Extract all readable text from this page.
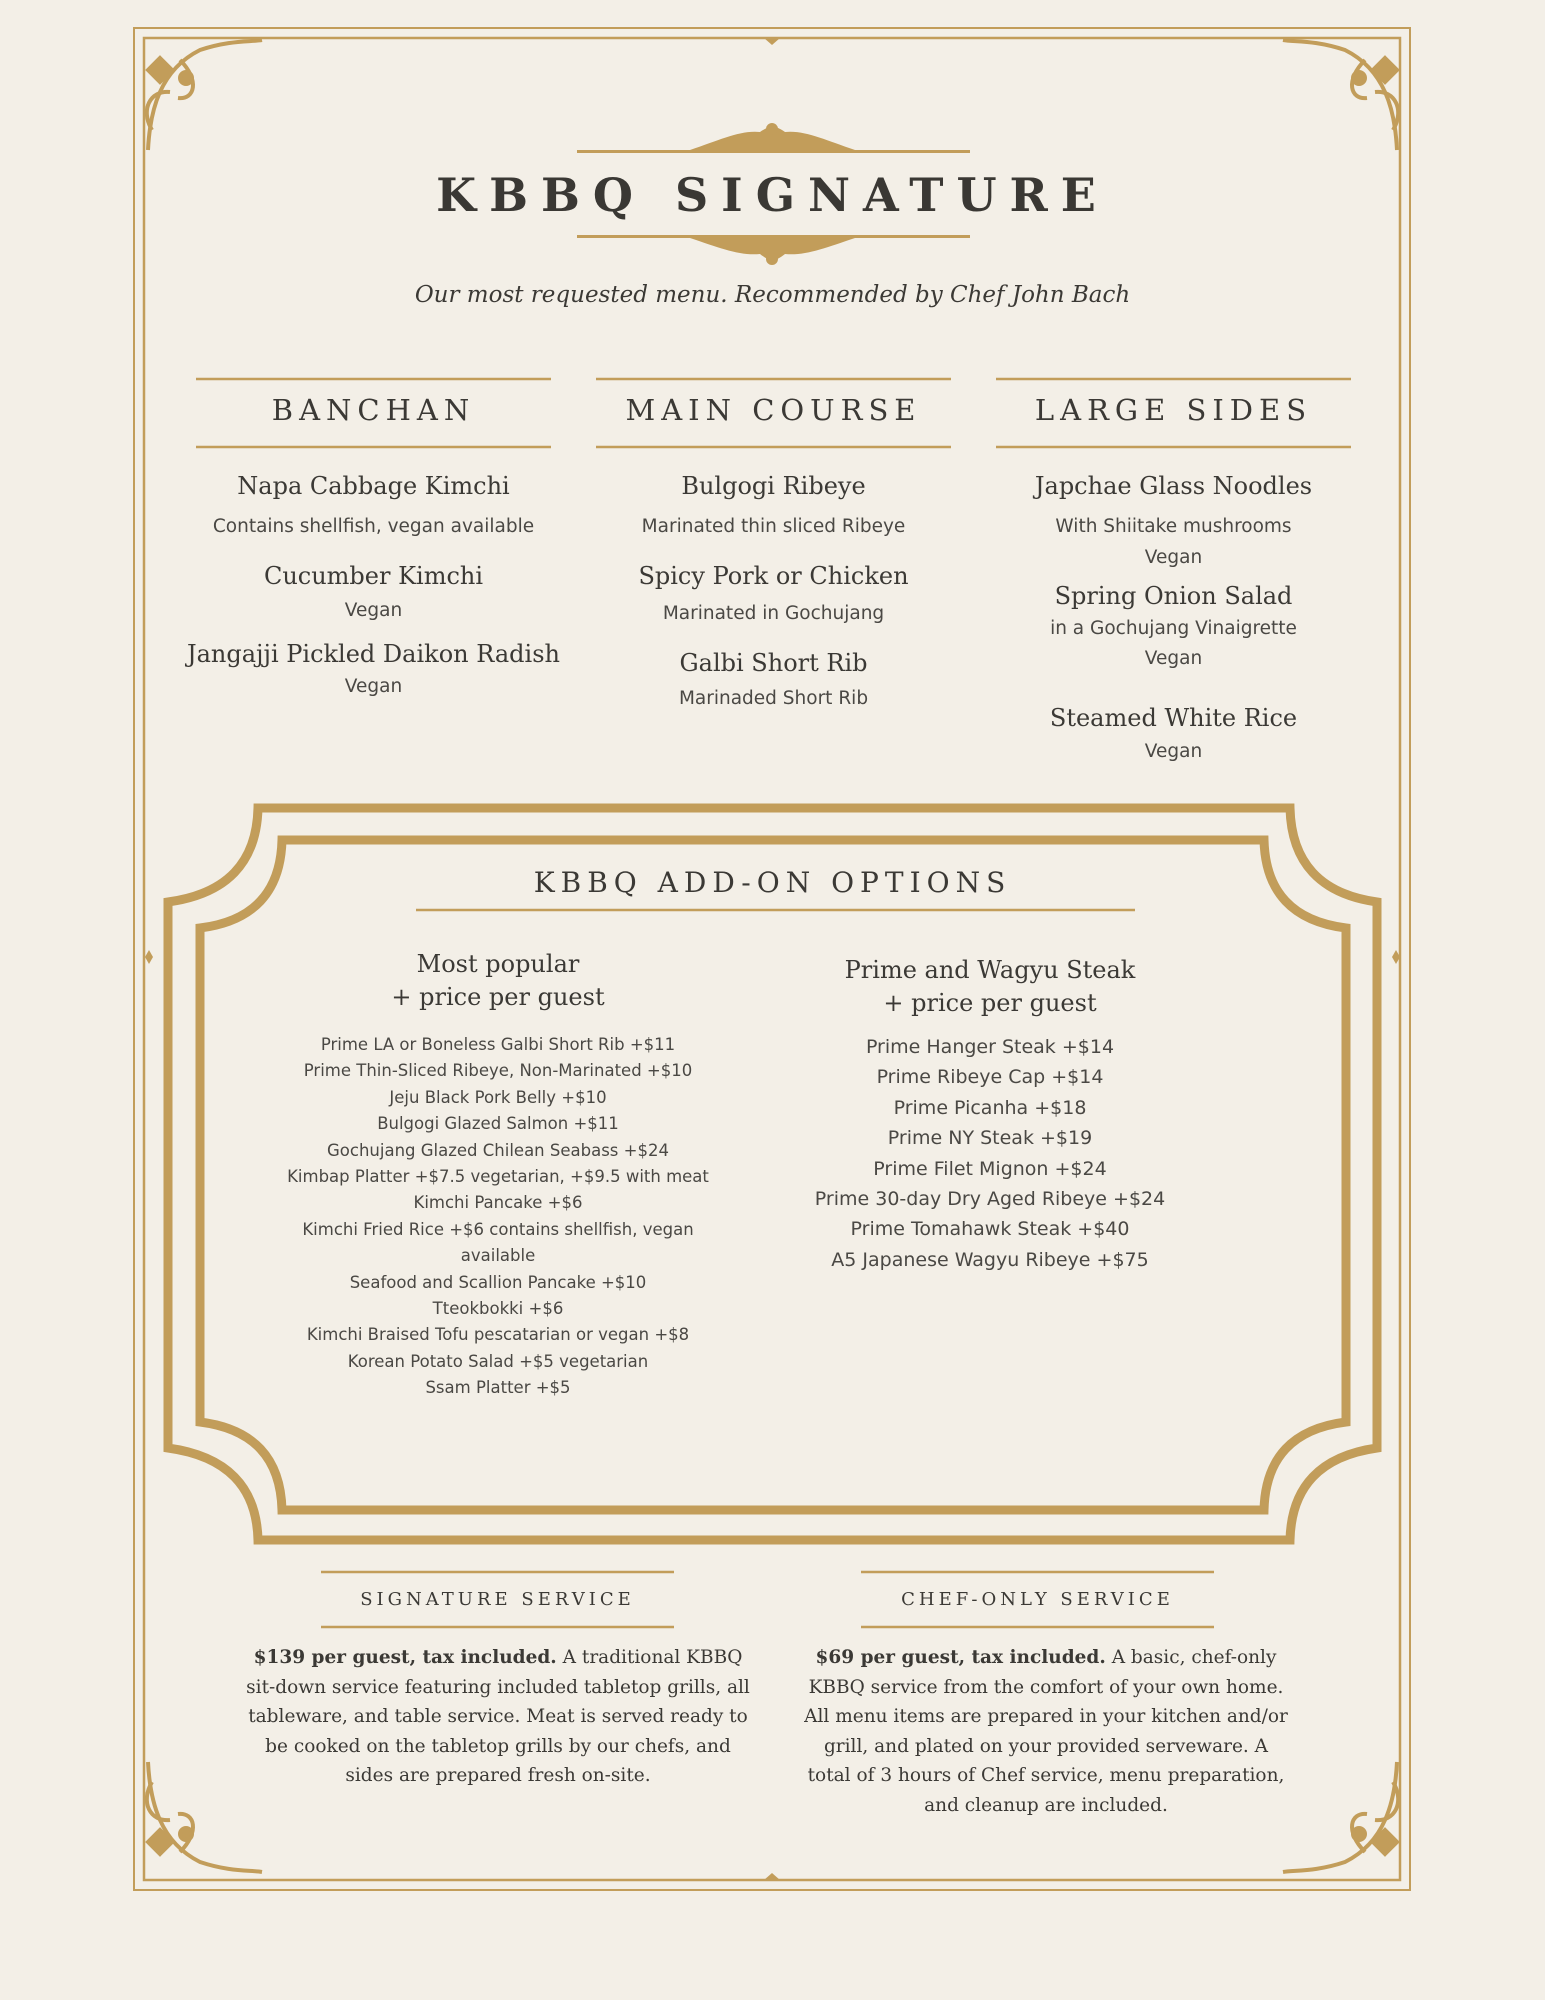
KBBQ SIGNATURE
Our most requested menu. Recommended by Chef John Bach
BANCHAN
Napa Cabbage Kimchi
Contains shellfish, vegan available
Cucumber Kimchi
Vegan
Jangajji Pickled Daikon Radish
Vegan
MAIN COURSE
Bulgogi Ribeye
Marinated thin sliced Ribeye
Spicy Pork or Chicken
Marinated in Gochujang
Galbi Short Rib
Marinaded Short Rib
LARGE SIDES
Japchae Glass Noodles
With Shiitake mushrooms
Vegan
Spring Onion Salad
in a Gochujang Vinaigrette
Vegan
Steamed White Rice
Vegan
KBBQ ADD-ON OPTIONS
Most popular
+ price per guest
Prime LA or Boneless Galbi Short Rib +$11
Prime Thin-Sliced Ribeye, Non-Marinated +$10
Jeju Black Pork Belly +$10
Bulgogi Glazed Salmon +$11
Gochujang Glazed Chilean Seabass +$24
Kimbap Platter +$7.5 vegetarian, +$9.5 with meat
Kimchi Pancake +$6
Kimchi Fried Rice +$6 contains shellfish, vegan
available
Seafood and Scallion Pancake +$10
Tteokbokki +$6
Kimchi Braised Tofu pescatarian or vegan +$8
Korean Potato Salad +$5 vegetarian
Ssam Platter +$5
Prime and Wagyu Steak
+ price per guest
Prime Hanger Steak +$14
Prime Ribeye Cap +$14
Prime Picanha +$18
Prime NY Steak +$19
Prime Filet Mignon +$24
Prime 30-day Dry Aged Ribeye +$24
Prime Tomahawk Steak +$40
A5 Japanese Wagyu Ribeye +$75
SIGNATURE SERVICE
$139 per guest, tax included. A traditional KBBQ sit-down service featuring included tabletop grills, all tableware, and table service. Meat is served ready to be cooked on the tabletop grills by our chefs, and sides are prepared fresh on-site.
CHEF-ONLY SERVICE
$69 per guest, tax included. A basic, chef-only KBBQ service from the comfort of your own home. All menu items are prepared in your kitchen and/or grill, and plated on your provided serveware. A total of 3 hours of Chef service, menu preparation, and cleanup are included.
